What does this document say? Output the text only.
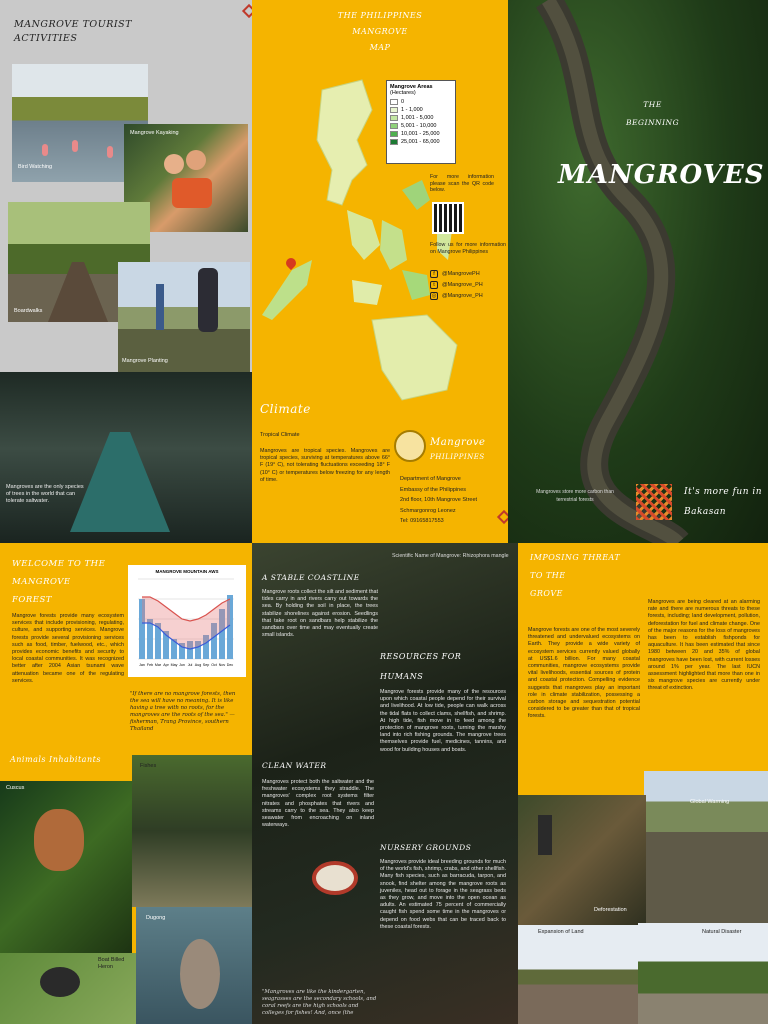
MANGROVE TOURIST
ACTIVITIES
Bird Watching
Mangrove Kayaking
Boardwalks
Mangrove Planting
Mangroves are the only species of trees in the world that can tolerate saltwater.
THE PHILIPPINES
MANGROVE
MAP
Mangrove Areas
(Hectares)
0
1 - 1,000
1,001 - 5,000
5,001 - 10,000
10,001 - 25,000
25,001 - 65,000
For more information please scan the QR code below.
Follow us for more information on Mangrove Philippines
f	@MangrovePH
t	@Mangrove_PH
◎ @Mangrove_PH
Climate
Tropical Climate
Mangroves are tropical species. Mangroves are tropical species, surviving at temperatures above 66° F (19° C), not tolerating fluctuations exceeding 18° F (10° C) or temperatures below freezing for any length of time.
Mangrove
PHILIPPINES
Department of Mangrove
Embassy of the Philippines
2nd floor, 10th Mangrove Street
Schmargonrog Leonez
Tel: 09165817553
THE
BEGINNING
MANGROVES
Mangroves store more carbon than terrestrial forests
It's more fun in
Bakasan
WELCOME TO THE
MANGROVE
FOREST
Mangrove forests provide many ecosystem services that include provisioning, regulating, culture, and supporting services. Mangrove forests provide several provisioning services such as food, timber, fuelwood, etc., which provides economic benefits and security to local coastal communities. It was recognized better after 2004 Asian tsunami wave attenuation became one of the regulating services.
MANGROVE MOUNTAIN AWS
Jan Feb Mar Apr May Jun Jul Aug Sep Oct Nov Dec
"If there are no mangrove forests, then the sea will have no meaning. It is like having a tree with no roots, for the mangroves are the roots of the sea." — fisherman, Trang Province, southern Thailand
Animals Inhabitants
Cuscus
Fishes
Boat Billed Heron
Dugong
A STABLE COASTLINE
Mangrove roots collect the silt and sediment that tides carry in and rivers carry out towards the sea. By holding the soil in place, the trees stabilize shorelines against erosion. Seedlings that take root on sandbars help stabilize the sandbars over time and may eventually create small islands.
Scientific Name of Mangrove: Rhizophora mangle
RESOURCES FOR
HUMANS
Mangrove forests provide many of the resources upon which coastal people depend for their survival and livelihood. At low tide, people can walk across the tidal flats to collect clams, shellfish, and shrimp. At high tide, fish move in to feed among the protection of mangrove roots, turning the marshy land into rich fishing grounds. The mangrove trees themselves provide fuel, medicines, tannins, and wood for building houses and boats.
CLEAN WATER
Mangroves protect both the saltwater and the freshwater ecosystems they straddle. The mangroves' complex root systems filter nitrates and phosphates that rivers and streams carry to the sea. They also keep seawater from encroaching on inland waterways.
NURSERY GROUNDS
Mangroves provide ideal breeding grounds for much of the world's fish, shrimp, crabs, and other shellfish. Many fish species, such as barracuda, tarpon, and snook, find shelter among the mangrove roots as juveniles, head out to forage in the seagrass beds as they grow, and move into the open ocean as adults. An estimated 75 percent of commercially caught fish spend some time in the mangroves or depend on food webs that can be traced back to these coastal forests.
"Mangroves are like the kindergarten, seagrasses are the secondary schools, and coral reefs are the high schools and colleges for fishes! And, once (the
IMPOSING THREAT
TO THE
GROVE
Mangrove forests are one of the most severely threatened and undervalued ecosystems on Earth. They provide a wide variety of ecosystem services currently valued globally at US$1.6 billion. For many coastal communities, mangrove ecosystems provide vital livelihoods, essential sources of protein and coastal protection. Compelling evidence suggests that mangroves play an important role in climate stabilization, possessing a carbon storage and sequestration potential considered to be greater than that of tropical forests.
Mangroves are being cleared at an alarming rate and there are numerous threats to these forests, including; land development, pollution, deforestation for fuel and climate change. One of the major reasons for the loss of mangroves has been to establish fishponds for aquaculture. It has been estimated that since 1980 between 20 and 35% of global mangroves have been lost, with current losses around 1% per year. The last IUCN assessment highlighted that more than one in six mangrove species are currently under threat of extinction.
Global Warming
Deforestation
Expansion of Land	Natural Disaster
